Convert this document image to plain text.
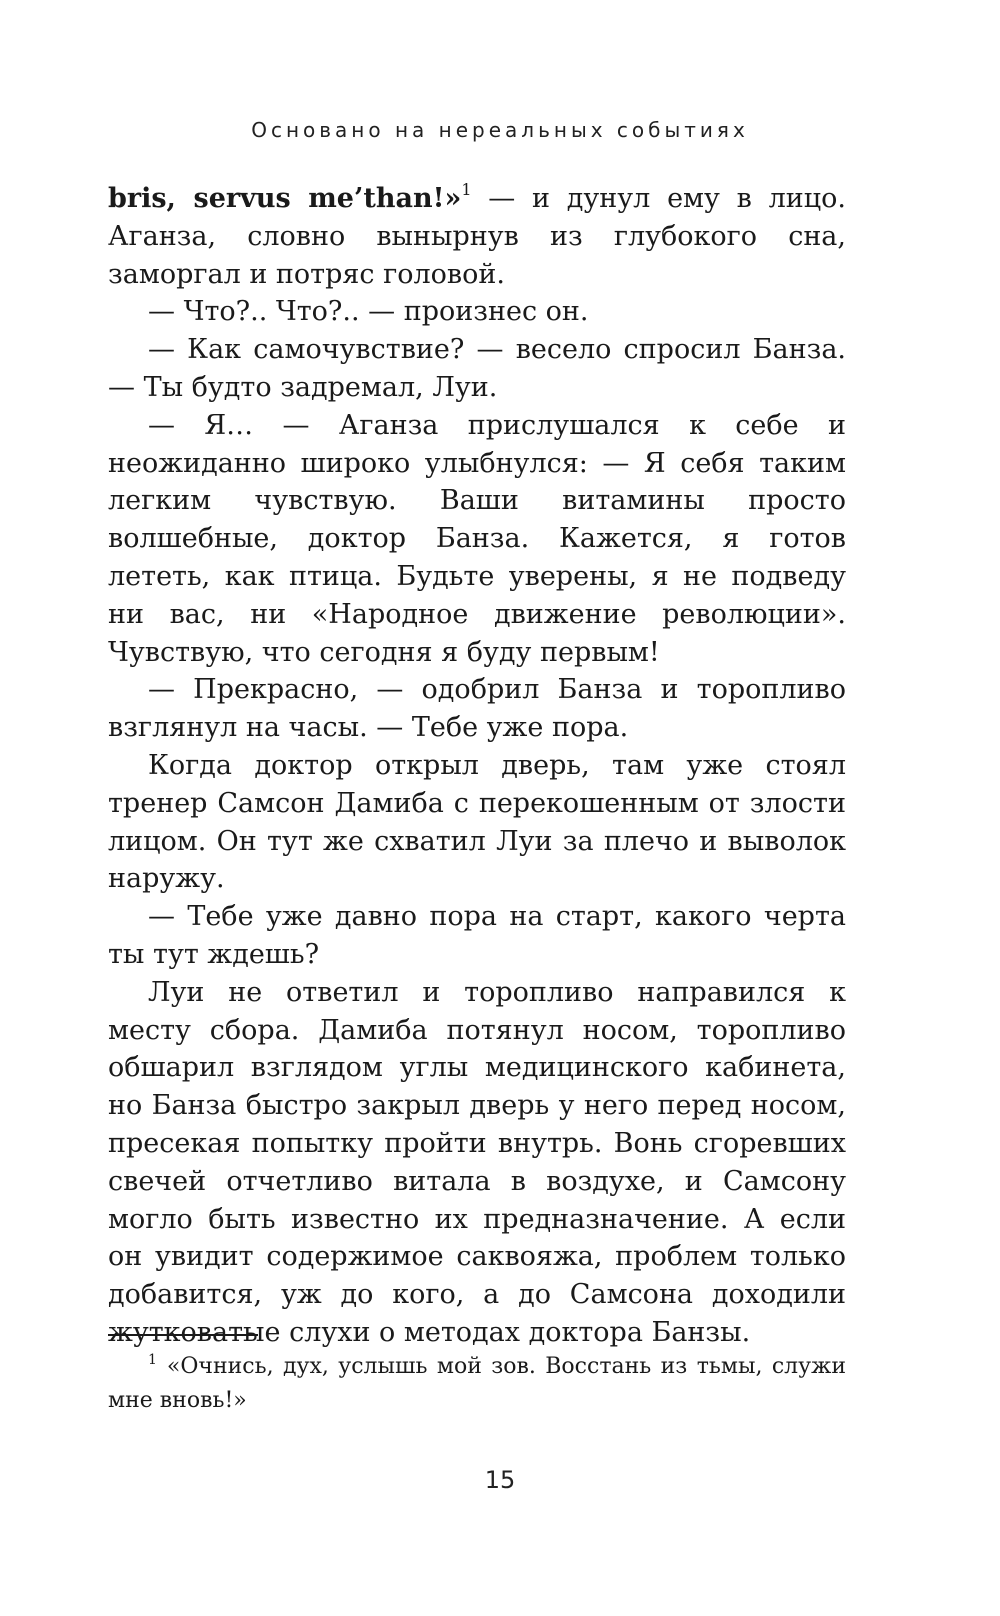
Основано на нереальных событиях

bris, servus me’than!»$^1$ — и дунул ему в лицо. Аганза, словно вынырнув из глубокого сна, заморгал и потряс головой.

— Что?.. Что?.. — произнес он.

— Как самочувствие? — весело спросил Банза. — Ты будто задремал, Луи.

— Я… — Аганза прислушался к себе и неожиданно широко улыбнулся: — Я себя таким легким чувствую. Ваши витамины просто волшебные, доктор Банза. Кажется, я готов лететь, как птица. Будьте уверены, я не подведу ни вас, ни «Народное движение революции». Чувствую, что сегодня я буду первым!

— Прекрасно, — одобрил Банза и торопливо взглянул на часы. — Тебе уже пора.

Когда доктор открыл дверь, там уже стоял тренер Самсон Дамиба с перекошенным от злости лицом. Он тут же схватил Луи за плечо и выволок наружу.

— Тебе уже давно пора на старт, какого черта ты тут ждешь?

Луи не ответил и торопливо направился к месту сбора. Дамиба потянул носом, торопливо обшарил взглядом углы медицинского кабинета, но Банза быстро закрыл дверь у него перед носом, пресекая попытку пройти внутрь. Вонь сгоревших свечей отчетливо витала в воздухе, и Самсону могло быть известно их предназначение. А если он увидит содержимое саквояжа, проблем только добавится, уж до кого, а до Самсона доходили жутковатые слухи о методах доктора Банзы.

$^1$ «Очнись, дух, услышь мой зов. Восстань из тьмы, служи мне вновь!»
15
